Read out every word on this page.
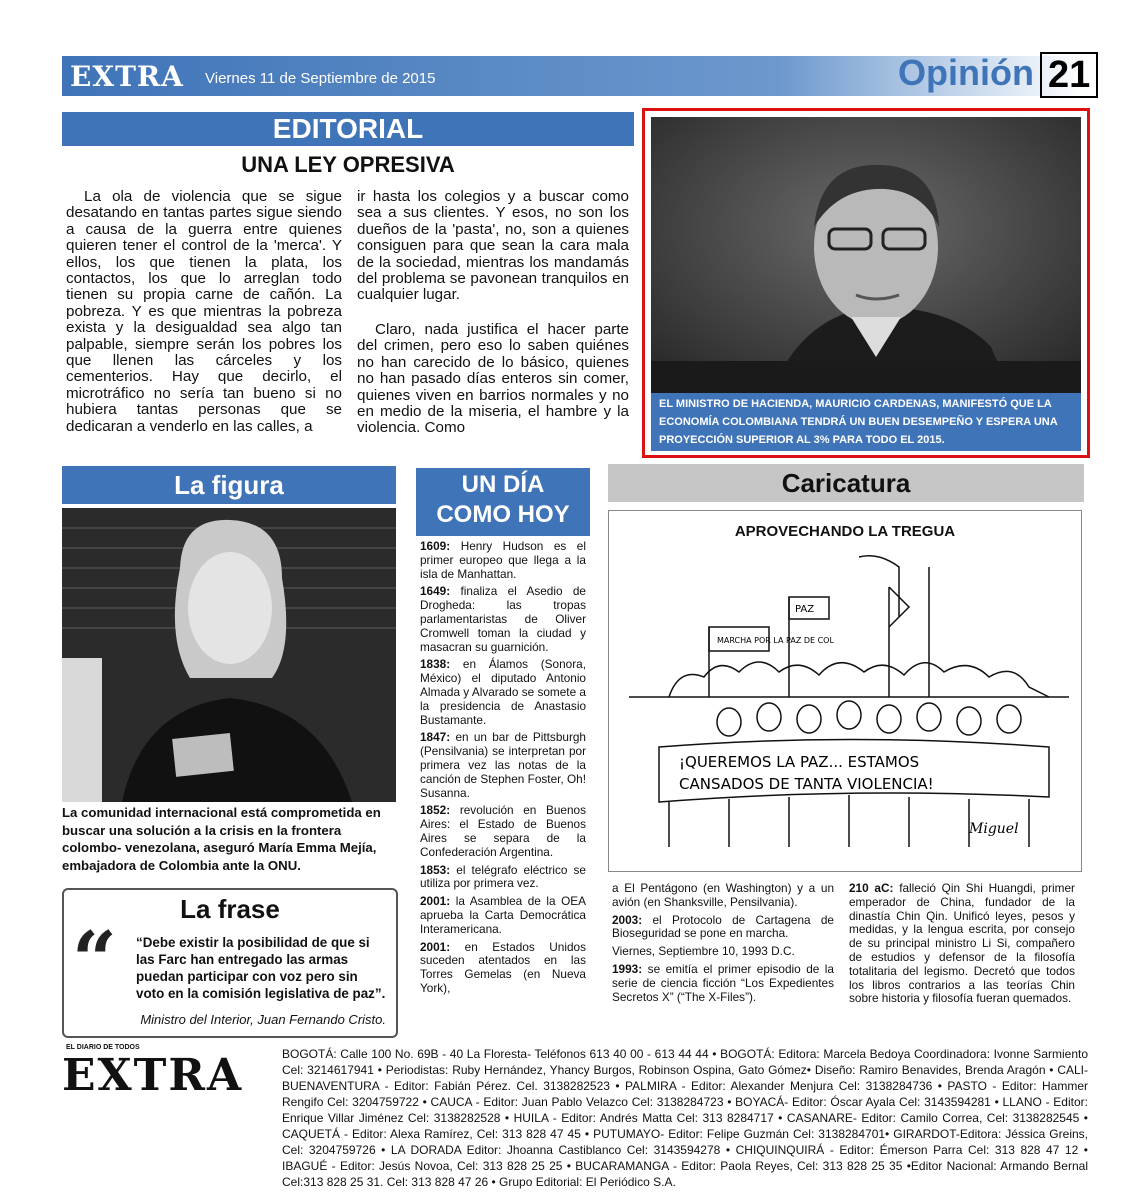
EXTRA Viernes 11 de Septiembre de 2015	Opinión 21
EDITORIAL
UNA LEY OPRESIVA
La ola de violencia que se sigue desatando en tantas partes sigue siendo a causa de la guerra entre quienes quieren tener el control de la 'merca'. Y ellos, los que tienen la plata, los contactos, los que lo arreglan todo tienen su propia carne de cañón. La pobreza. Y es que mientras la pobreza exista y la desigualdad sea algo tan palpable, siempre serán los pobres los que llenen las cárceles y los cementerios. Hay que decirlo, el microtráfico no sería tan bueno si no hubiera tantas personas que se dedicaran a venderlo en las calles, a
ir hasta los colegios y a buscar como sea a sus clientes. Y esos, no son los dueños de la 'pasta', no, son a quienes consiguen para que sean la cara mala de la sociedad, mientras los mandamás del problema se pavonean tranquilos en cualquier lugar.
Claro, nada justifica el hacer parte del crimen, pero eso lo saben quiénes no han carecido de lo básico, quienes no han pasado días enteros sin comer, quienes viven en barrios normales y no en medio de la miseria, el hambre y la violencia. Como
EL MINISTRO DE HACIENDA, MAURICIO CARDENAS, MANIFESTÓ QUE LA ECONOMÍA COLOMBIANA TENDRÁ UN BUEN DESEMPEÑO Y ESPERA UNA PROYECCIÓN SUPERIOR AL 3% PARA TODO EL 2015.
La figura
La comunidad internacional está comprometida en buscar una solución a la crisis en la frontera colombo- venezolana, aseguró María Emma Mejía, embajadora de Colombia ante la ONU.
La frase
“ “Debe existir la posibilidad de que si las Farc han entregado las armas puedan participar con voz pero sin voto en la comisión legislativa de paz”.
Ministro del Interior, Juan Fernando Cristo.
UN DÍA
COMO HOY
1609: Henry Hudson es el primer europeo que llega a la isla de Manhattan.
1649: finaliza el Asedio de Drogheda: las tropas parlamentaristas de Oliver Cromwell toman la ciudad y masacran su guarnición.
1838: en Álamos (Sonora, México) el diputado Antonio Almada y Alvarado se somete a la presidencia de Anastasio Bustamante.
1847: en un bar de Pittsburgh (Pensilvania) se interpretan por primera vez las notas de la canción de Stephen Foster, Oh! Susanna.
1852: revolución en Buenos Aires: el Estado de Buenos Aires se separa de la Confederación Argentina.
1853: el telégrafo eléctrico se utiliza por primera vez.
2001: la Asamblea de la OEA aprueba la Carta Democrática Interamericana.
2001: en Estados Unidos suceden atentados en las Torres Gemelas (en Nueva York),
a El Pentágono (en Washington) y a un avión (en Shanksville, Pensilvania).
2003: el Protocolo de Cartagena de Bioseguridad se pone en marcha.
Viernes, Septiembre 10, 1993 D.C.
1993: se emitía el primer episodio de la serie de ciencia ficción “Los Expedientes Secretos X” (“The X-Files”).
210 aC: falleció Qin Shi Huangdi, primer emperador de China, fundador de la dinastía Chin Qin. Unificó leyes, pesos y medidas, y la lengua escrita, por consejo de su principal ministro Li Si, compañero de estudios y defensor de la filosofía totalitaria del legismo. Decretó que todos los libros contrarios a las teorías Chin sobre historia y filosofía fueran quemados.
Caricatura
APROVECHANDO LA TREGUA
MARCHA POR LA PAZ DE COL
PAZ
¡QUEREMOS LA PAZ... ESTAMOS
CANSADOS DE TANTA VIOLENCIA!
Miguel
EL DIARIO DE TODOS
EXTRA	BOGOTÁ: Calle 100 No. 69B - 40 La Floresta- Teléfonos 613 40 00 - 613 44 44 • BOGOTÁ: Editora: Marcela Bedoya Coordinadora: Ivonne Sarmiento Cel: 3214617941 • Periodistas: Ruby Hernández, Yhancy Burgos, Robinson Ospina, Gato Gómez• Diseño: Ramiro Benavides, Brenda Aragón • CALI-BUENAVENTURA - Editor: Fabián Pérez. Cel. 3138282523 • PALMIRA - Editor: Alexander Menjura Cel: 3138284736 • PASTO - Editor: Hammer Rengifo Cel: 3204759722 • CAUCA - Editor: Juan Pablo Velazco Cel: 3138284723 • BOYACÁ- Editor: Óscar Ayala Cel: 3143594281 • LLANO - Editor: Enrique Villar Jiménez Cel: 3138282528 • HUILA - Editor: Andrés Matta Cel: 313 8284717 • CASANARE- Editor: Camilo Correa, Cel: 3138282545 • CAQUETÁ - Editor: Alexa Ramírez, Cel: 313 828 47 45 • PUTUMAYO- Editor: Felipe Guzmán Cel: 3138284701• GIRARDOT-Editora: Jéssica Greins, Cel: 3204759726 • LA DORADA Editor: Jhoanna Castiblanco Cel: 3143594278 • CHIQUINQUIRÁ - Editor: Émerson Parra Cel: 313 828 47 12 • IBAGUÉ - Editor: Jesús Novoa, Cel: 313 828 25 25 • BUCARAMANGA - Editor: Paola Reyes, Cel: 313 828 25 35 •Editor Nacional: Armando Bernal Cel:313 828 25 31. Cel: 313 828 47 26 • Grupo Editorial: El Periódico S.A.
